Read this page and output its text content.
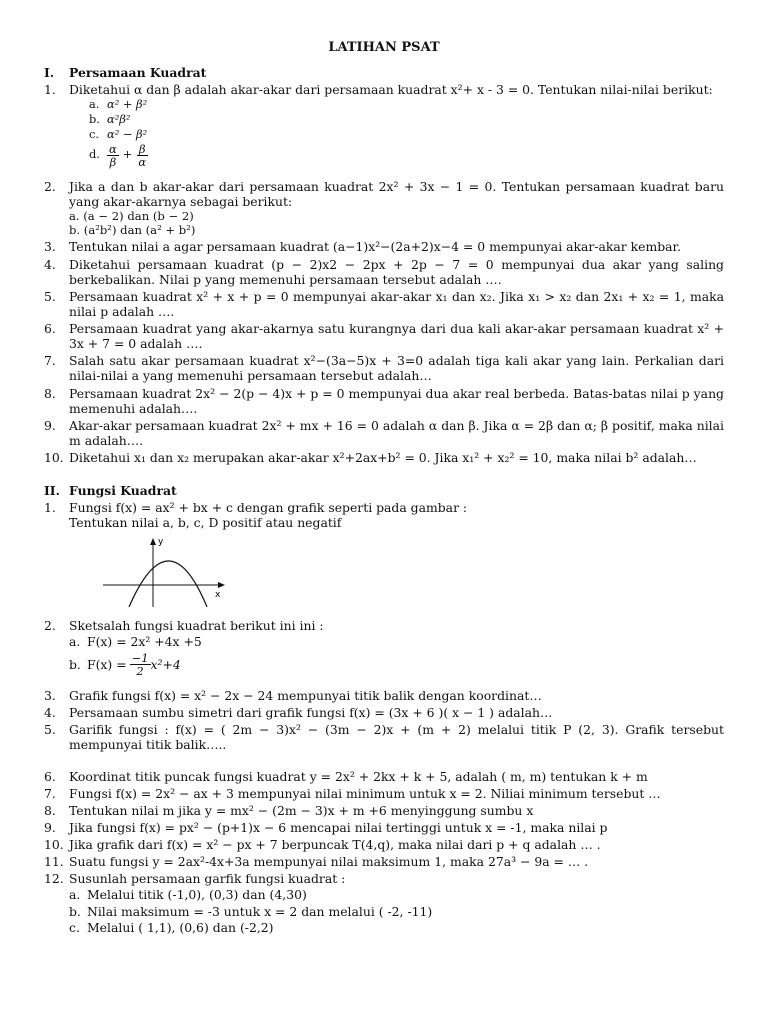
LATIHAN PSAT
I.	Persamaan Kuadrat
1.	Diketahui α dan β adalah akar-akar dari persamaan kuadrat x²+ x - 3 = 0. Tentukan nilai-nilai berikut:
a. α² + β²
b. α²β²
c. α² − β²
d. $\frac{\alpha}{\beta} + \frac{\beta}{\alpha}$
2.	Jika a dan b akar-akar dari persamaan kuadrat 2x² + 3x − 1 = 0. Tentukan persamaan kuadrat baru yang akar-akarnya sebagai berikut:
a. (a − 2) dan (b − 2)
b. (a²b²) dan (a² + b²)
3.	Tentukan nilai a agar persamaan kuadrat (a−1)x²−(2a+2)x−4 = 0 mempunyai akar-akar kembar.
4.	Diketahui persamaan kuadrat (p − 2)x2 − 2px + 2p − 7 = 0 mempunyai dua akar yang saling berkebalikan. Nilai p yang memenuhi persamaan tersebut adalah ….
5.	Persamaan kuadrat x² + x + p = 0 mempunyai akar-akar x₁ dan x₂. Jika x₁ > x₂ dan 2x₁ + x₂ = 1, maka nilai p adalah ….
6.	Persamaan kuadrat yang akar-akarnya satu kurangnya dari dua kali akar-akar persamaan kuadrat x² + 3x + 7 = 0 adalah ….
7.	Salah satu akar persamaan kuadrat x²−(3a−5)x + 3=0 adalah tiga kali akar yang lain. Perkalian dari nilai-nilai a yang memenuhi persamaan tersebut adalah…
8.	Persamaan kuadrat 2x² − 2(p − 4)x + p = 0 mempunyai dua akar real berbeda. Batas-batas nilai p yang memenuhi adalah….
9.	Akar-akar persamaan kuadrat 2x² + mx + 16 = 0 adalah α dan β. Jika α = 2β dan α; β positif, maka nilai m adalah….
10. Diketahui x₁ dan x₂ merupakan akar-akar x²+2ax+b² = 0. Jika x₁² + x₂² = 10, maka nilai b² adalah…
II. Fungsi Kuadrat
1.	Fungsi f(x) = ax² + bx + c dengan grafik seperti pada gambar :
Tentukan nilai a, b, c, D positif atau negatif
y
x
2.	Sketsalah fungsi kuadrat berikut ini ini :
a. F(x) = 2x² +4x +5
b. $F(x) = \frac{-1}{2} x^2+4$
3.	Grafik fungsi f(x) = x² − 2x − 24 mempunyai titik balik dengan koordinat…
4.	Persamaan sumbu simetri dari grafik fungsi f(x) = (3x + 6 )( x − 1 ) adalah…
5.	Garifik fungsi : f(x) = ( 2m − 3)x² − (3m − 2)x + (m + 2) melalui titik P (2, 3). Grafik tersebut mempunyai titik balik…..
6.	Koordinat titik puncak fungsi kuadrat y = 2x² + 2kx + k + 5, adalah ( m, m) tentukan k + m
7.	Fungsi f(x) = 2x² − ax + 3 mempunyai nilai minimum untuk x = 2. Niliai minimum tersebut …
8.	Tentukan nilai m jika y = mx² − (2m − 3)x + m +6 menyinggung sumbu x
9.	Jika fungsi f(x) = px² − (p+1)x − 6 mencapai nilai tertinggi untuk x = -1, maka nilai p
10. Jika grafik dari f(x) = x² − px + 7 berpuncak T(4,q), maka nilai dari p + q adalah … .
11. Suatu fungsi y = 2ax²-4x+3a mempunyai nilai maksimum 1, maka 27a³ − 9a = … .
12. Susunlah persamaan garfik fungsi kuadrat :
a. Melalui titik (-1,0), (0,3) dan (4,30)
b. Nilai maksimum = -3 untuk x = 2 dan melalui ( -2, -11)
c. Melalui ( 1,1), (0,6) dan (-2,2)
